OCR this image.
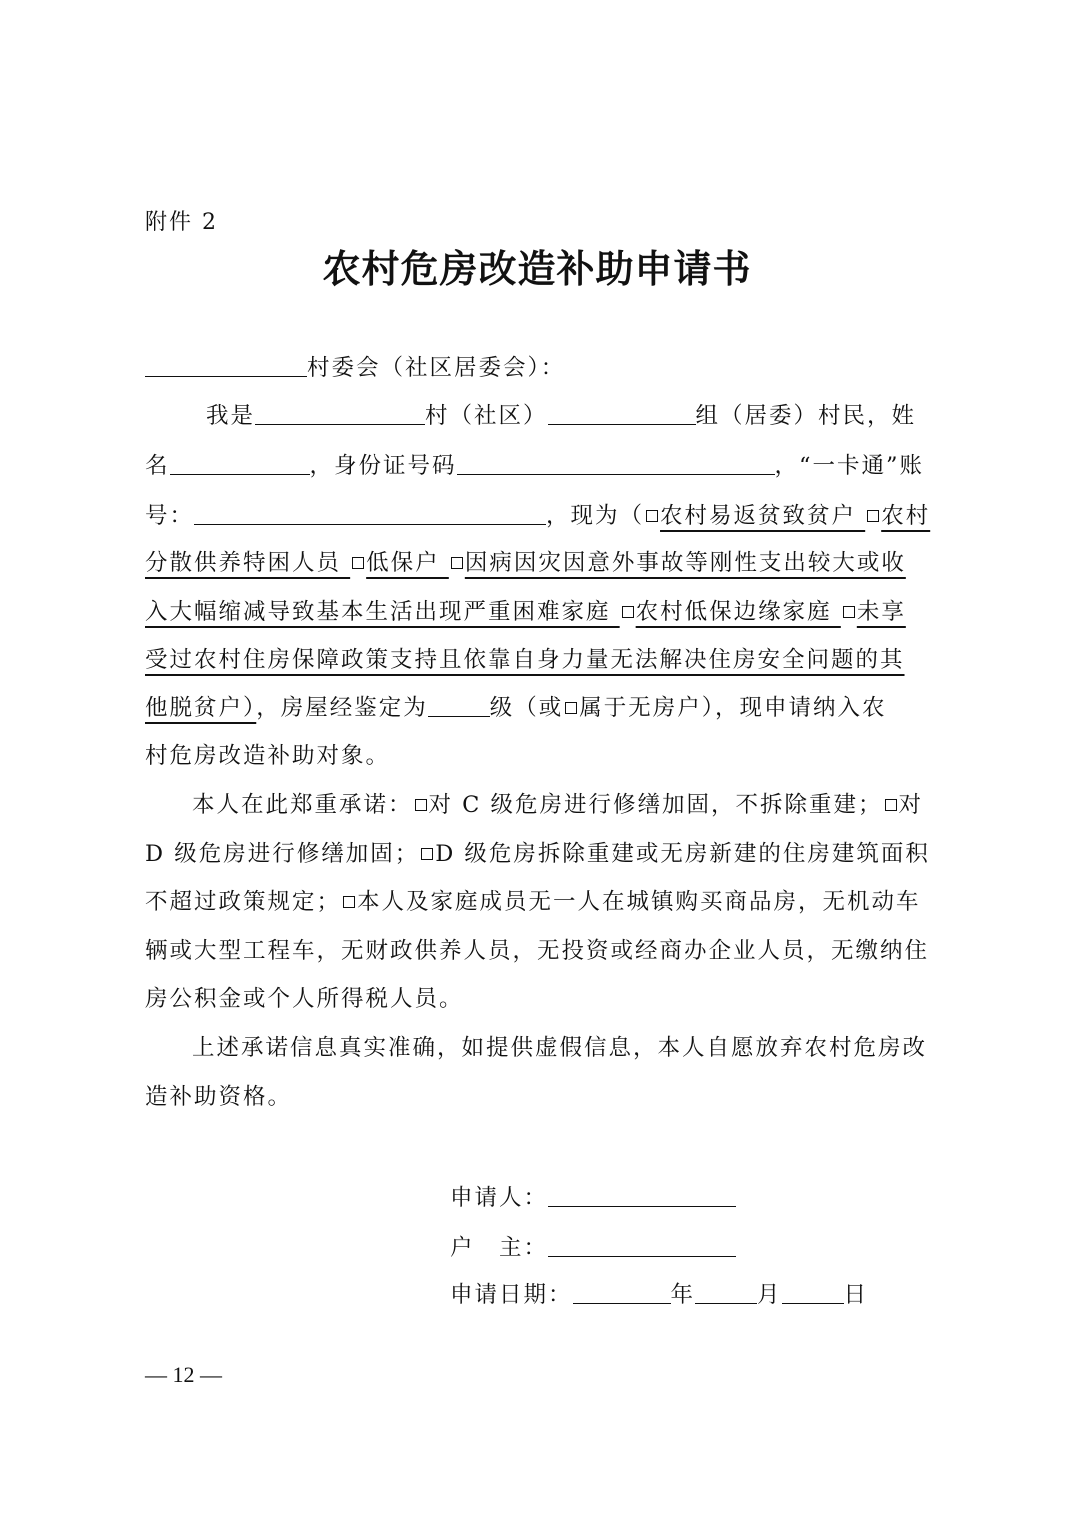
附件 2
农村危房改造补助申请书
村委会（社区居委会）：
我是	村（社区）	组（居委）村民，姓
名	，身份证号码	，“一卡通”账
号：	，现为（ 农村易返贫致贫户 农村
分散供养特困人员 低保户 因病因灾因意外事故等刚性支出较大或收
入大幅缩减导致基本生活出现严重困难家庭 农村低保边缘家庭 未享
受过农村住房保障政策支持且依靠自身力量无法解决住房安全问题的其
他脱贫户），房屋经鉴定为	级（或 属于无房户），现申请纳入农
村危房改造补助对象。
本人在此郑重承诺： 对 C 级危房进行修缮加固，不拆除重建； 对
D 级危房进行修缮加固； D 级危房拆除重建或无房新建的住房建筑面积
不超过政策规定； 本人及家庭成员无一人在城镇购买商品房，无机动车
辆或大型工程车，无财政供养人员，无投资或经商办企业人员，无缴纳住
房公积金或个人所得税人员。
上述承诺信息真实准确，如提供虚假信息，本人自愿放弃农村危房改
造补助资格。
申请人：
户　主：
申请日期：	年	月	日
— 12 —
